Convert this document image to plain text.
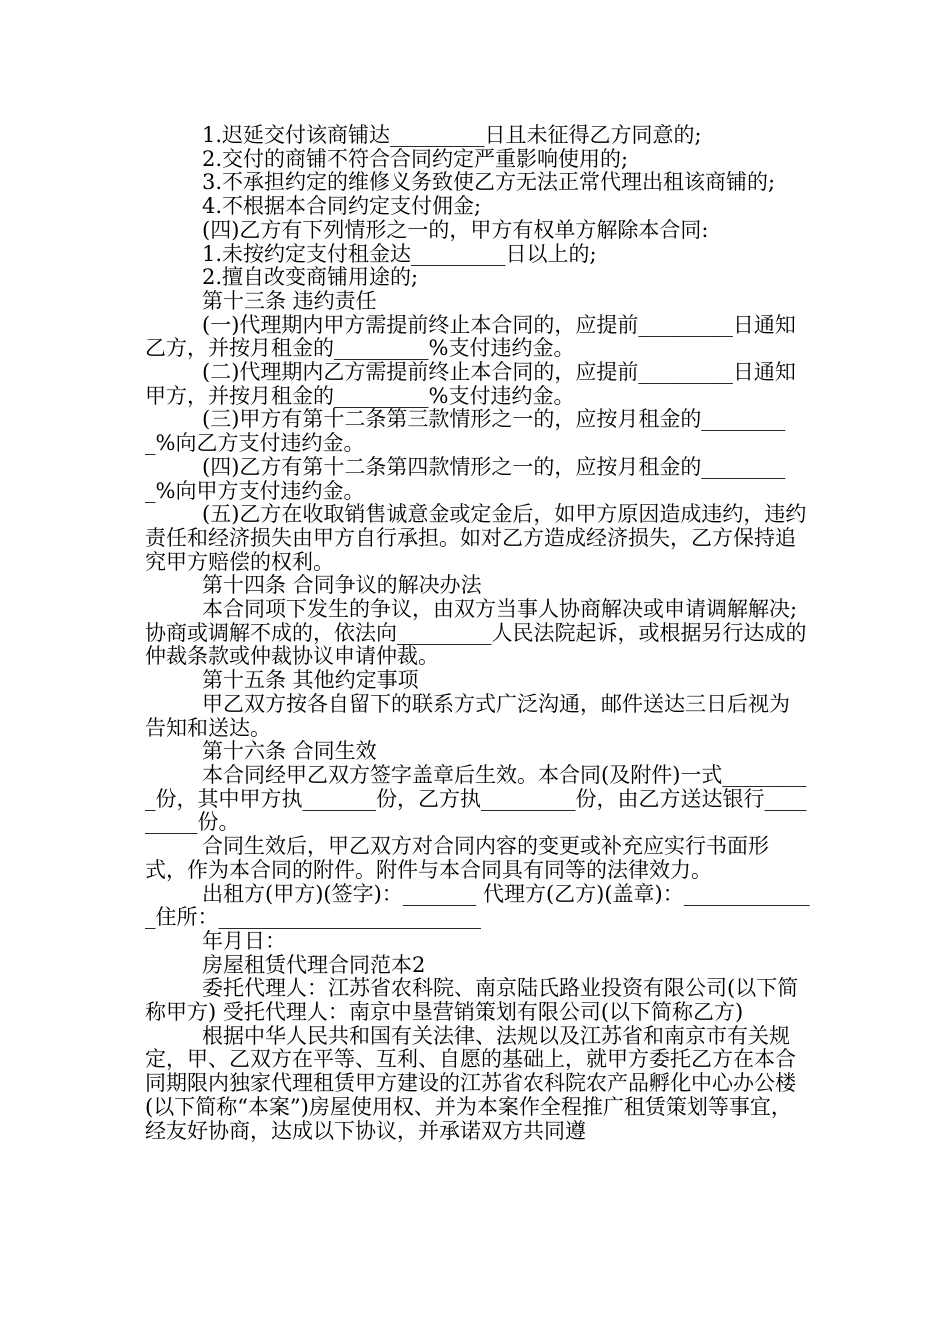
1.迟延交付该商铺达_________日且未征得乙方同意的;

2.交付的商铺不符合合同约定严重影响使用的;

3.不承担约定的维修义务致使乙方无法正常代理出租该商铺的;

4.不根据本合同约定支付佣金;

(四)乙方有下列情形之一的，甲方有权单方解除本合同:

1.未按约定支付租金达_________日以上的;

2.擅自改变商铺用途的;

第十三条 违约责任

(一)代理期内甲方需提前终止本合同的，应提前_________日通知乙方，并按月租金的_________%支付违约金。

(二)代理期内乙方需提前终止本合同的，应提前_________日通知甲方，并按月租金的_________%支付违约金。

(三)甲方有第十二条第三款情形之一的，应按月租金的_________%向乙方支付违约金。

(四)乙方有第十二条第四款情形之一的，应按月租金的_________%向甲方支付违约金。

(五)乙方在收取销售诚意金或定金后，如甲方原因造成违约，违约责任和经济损失由甲方自行承担。如对乙方造成经济损失，乙方保持追究甲方赔偿的权利。

第十四条 合同争议的解决办法

本合同项下发生的争议，由双方当事人协商解决或申请调解解决;协商或调解不成的，依法向_________人民法院起诉，或根据另行达成的仲裁条款或仲裁协议申请仲裁。

第十五条 其他约定事项

甲乙双方按各自留下的联系方式广泛沟通，邮件送达三日后视为告知和送达。

第十六条 合同生效

本合同经甲乙双方签字盖章后生效。本合同(及附件)一式_________份，其中甲方执_______份，乙方执_________份，由乙方送达银行_________份。

合同生效后，甲乙双方对合同内容的变更或补充应实行书面形式，作为本合同的附件。附件与本合同具有同等的法律效力。

出租方(甲方)(签字)：_______ 代理方(乙方)(盖章)：_____________住所：_________________________

年月日：

房屋租赁代理合同范本2

委托代理人：江苏省农科院、南京陆氏路业投资有限公司(以下简称甲方) 受托代理人：南京中垦营销策划有限公司(以下简称乙方)

根据中华人民共和国有关法律、法规以及江苏省和南京市有关规定，甲、乙双方在平等、互利、自愿的基础上，就甲方委托乙方在本合同期限内独家代理租赁甲方建设的江苏省农科院农产品孵化中心办公楼(以下简称“本案”)房屋使用权、并为本案作全程推广租赁策划等事宜，经友好协商，达成以下协议，并承诺双方共同遵
